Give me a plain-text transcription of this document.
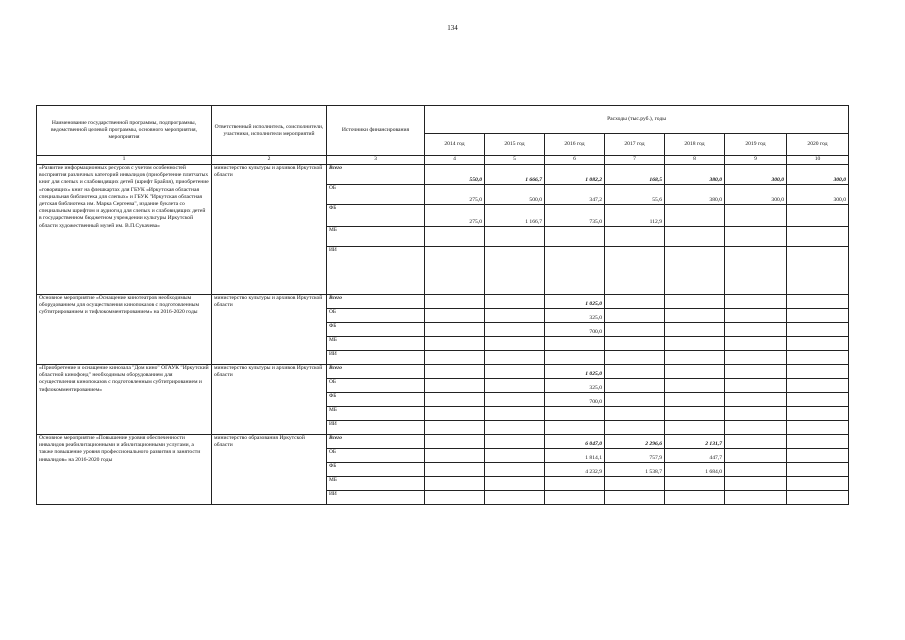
134
Наименование государственной программы, подпрограммы, ведомственной целевой программы, основного мероприятия, мероприятия	Ответственный исполнитель, соисполнители, участники, исполнители мероприятий	Источники финансирования	Расходы (тыс.руб.), годы						
			2014 год	2015 год	2016 год	2017 год	2018 год	2019 год	2020 год
1	2	3	4	5	6	7	8	9	10
«Развитие информационных ресурсов с учетом особенностей восприятия различных категорий инвалидов (приобретение плитчатых книг для слепых и слабовидящих детей (шрифт Брайля), приобретение «говорящих» книг на флешкартах для ГБУК «Иркутская областная специальная библиотека для слепых» и ГБУК "Иркутская областная детская библиотека им. Марка Сергеева", издание буклета со специальным шрифтом и аудиогид для слепых и слабовидящих детей в государственном бюджетном учреждении культуры Иркутской области художественный музей им. В.П.Сукачева»	министерство культуры и архивов Иркутской области	Всего	550,0	1 666,7	1 082,2	168,5	380,0	300,0	300,0
		ОБ	275,0	500,0	347,2	55,6	380,0	300,0	300,0
		ФБ	275,0	1 166,7	735,0	112,9			
		МБ							
		ИИ							
Основное мероприятие «Оснащение кинотеатров необходимым оборудованием для осуществления кинопоказов с подготовленным субтитрированием и тифлокомментированием» на 2016-2020 годы	министерство культуры и архивов Иркутской области	Всего			1 025,0				
		ОБ			325,0				
		ФБ			700,0				
		МБ							
		ИИ							
«Приобретение и оснащение кинозала "Дом кино" ОГАУК "Иркутский областной кинофонд" необходимым оборудованием для осуществления кинопоказов с подготовленным субтитрированием и тифлокомментированием»	министерство культуры и архивов Иркутской области	Всего			1 025,0				
		ОБ			325,0				
		ФБ			700,0				
		МБ							
		ИИ							
Основное мероприятие «Повышение уровня обеспеченности инвалидов реабилитационными и абилитационными услугами, а также повышение уровня профессионального развития и занятости инвалидов» на 2016-2020 годы	министерство образования Иркутской области	Всего			6 047,0	2 296,6	2 131,7		
		ОБ			1 814,1	757,9	447,7		
		ФБ			4 232,9	1 538,7	1 684,0		
		МБ							
		ИИ							
